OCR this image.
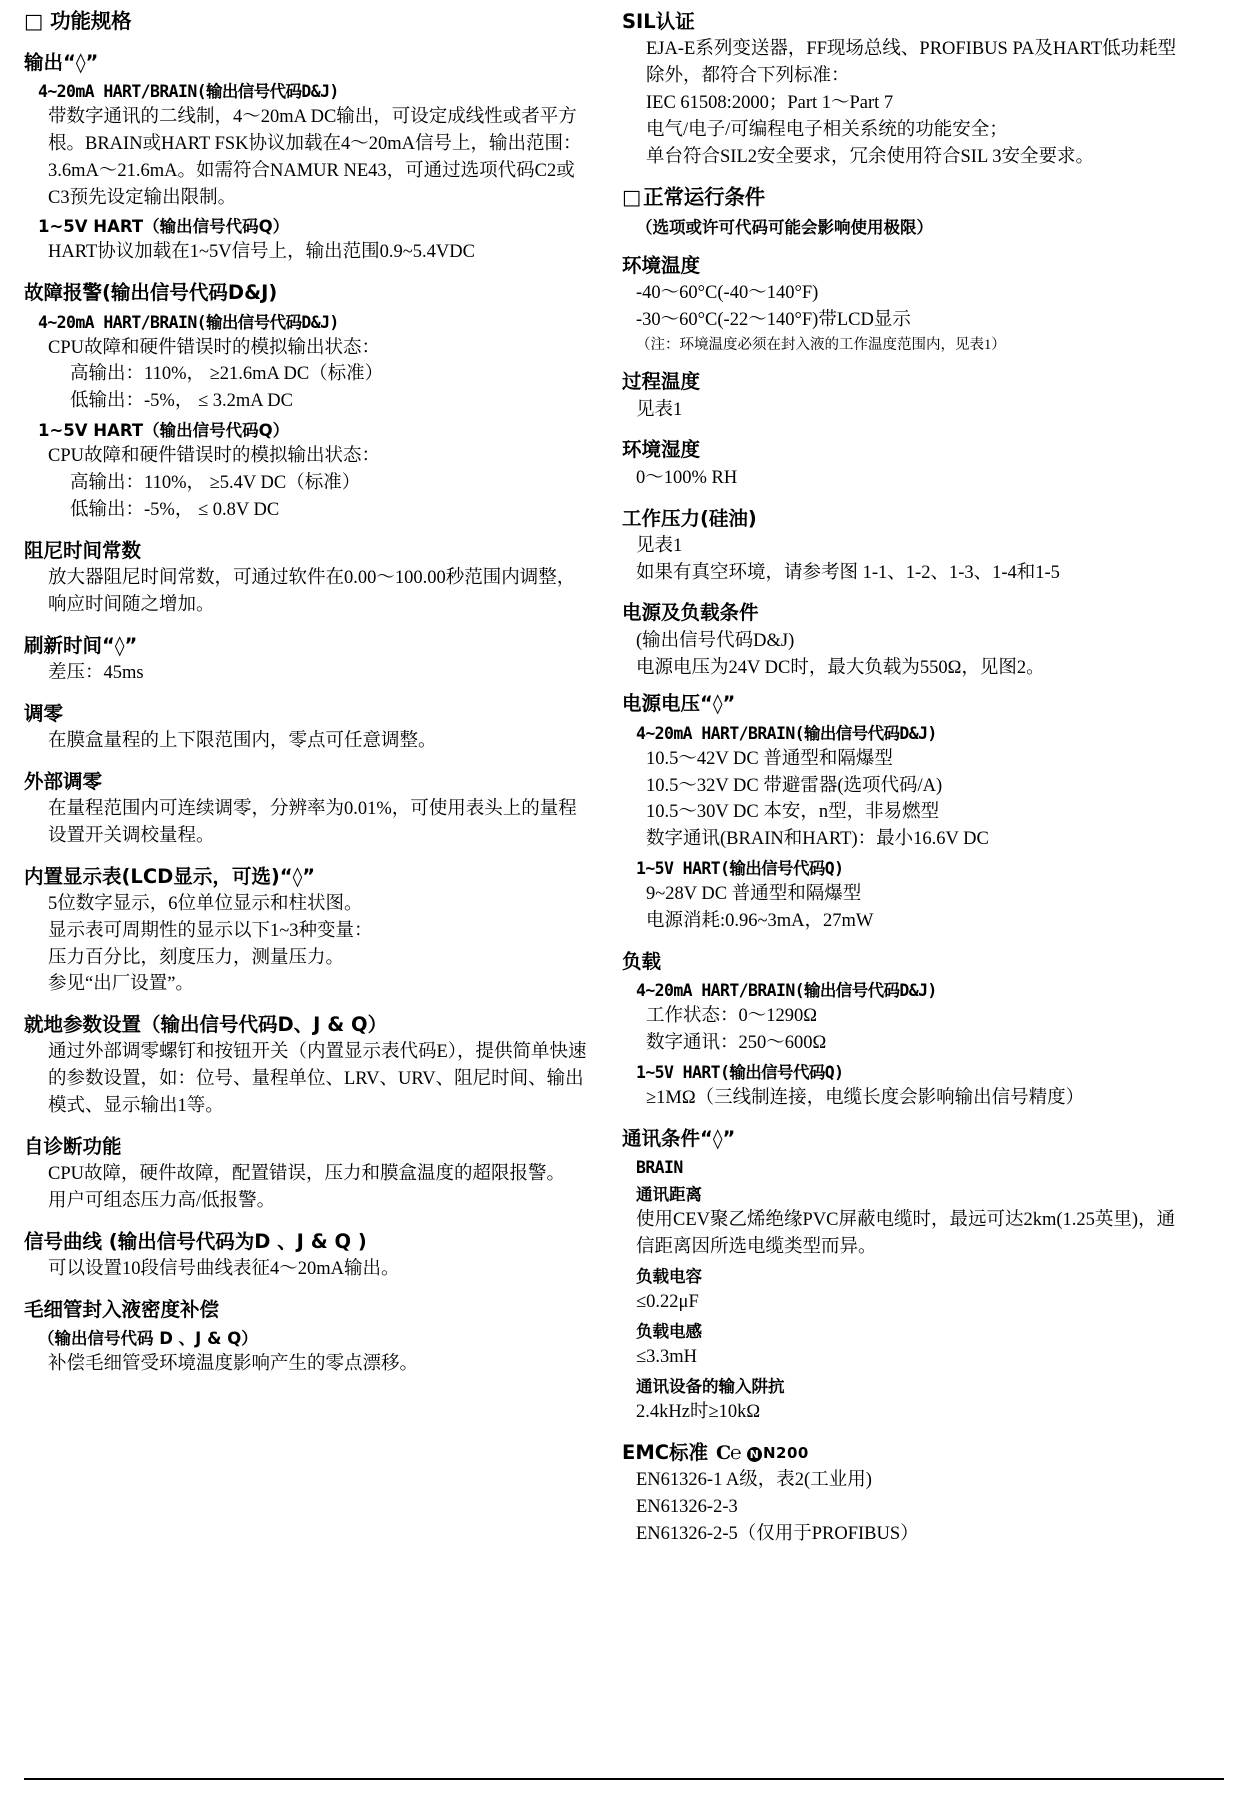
□ 功能规格
输出“◊”
4~20mA HART/BRAIN(输出信号代码D&J)
带数字通讯的二线制，4～20mA DC输出，可设定成线性或者平方根。BRAIN或HART FSK协议加载在4～20mA信号上，输出范围：3.6mA～21.6mA。如需符合NAMUR NE43，可通过选项代码C2或C3预先设定输出限制。
1~5V HART（输出信号代码Q）
HART协议加载在1~5V信号上，输出范围0.9~5.4VDC
故障报警(输出信号代码D&J)
4~20mA HART/BRAIN(输出信号代码D&J)
CPU故障和硬件错误时的模拟输出状态：
高输出：110%， ≥21.6mA DC（标准）
低输出：-5%， ≤ 3.2mA DC
1~5V HART（输出信号代码Q）
CPU故障和硬件错误时的模拟输出状态：
高输出：110%， ≥5.4V DC（标准）
低输出：-5%， ≤ 0.8V DC
阻尼时间常数
放大器阻尼时间常数，可通过软件在0.00～100.00秒范围内调整，响应时间随之增加。
刷新时间“◊”
差压：45ms
调零
在膜盒量程的上下限范围内，零点可任意调整。
外部调零
在量程范围内可连续调零，分辨率为0.01%，可使用表头上的量程设置开关调校量程。
内置显示表(LCD显示，可选)“◊”
5位数字显示，6位单位显示和柱状图。
显示表可周期性的显示以下1~3种变量：
压力百分比，刻度压力，测量压力。
参见“出厂设置”。
就地参数设置（输出信号代码D、J & Q）
通过外部调零螺钉和按钮开关（内置显示表代码E），提供简单快速的参数设置，如：位号、量程单位、LRV、URV、阻尼时间、输出模式、显示输出1等。
自诊断功能
CPU故障，硬件故障，配置错误，压力和膜盒温度的超限报警。
用户可组态压力高/低报警。
信号曲线 (输出信号代码为D 、J & Q )
可以设置10段信号曲线表征4～20mA输出。
毛细管封入液密度补偿
（输出信号代码 D 、J & Q）
补偿毛细管受环境温度影响产生的零点漂移。
SIL认证
EJA-E系列变送器，FF现场总线、PROFIBUS PA及HART低功耗型除外，都符合下列标准：
IEC 61508:2000；Part 1～Part 7
电气/电子/可编程电子相关系统的功能安全；
单台符合SIL2安全要求，冗余使用符合SIL 3安全要求。
□正常运行条件
（选项或许可代码可能会影响使用极限）
环境温度
-40～60°C(-40～140°F)
-30～60°C(-22～140°F)带LCD显示
（注：环境温度必须在封入液的工作温度范围内，见表1）
过程温度
见表1
环境湿度
0～100% RH
工作压力(硅油)
见表1
如果有真空环境，请参考图 1-1、1-2、1-3、1-4和1-5
电源及负载条件
(输出信号代码D&J)
电源电压为24V DC时，最大负载为550Ω，见图2。
电源电压“◊”
4~20mA HART/BRAIN(输出信号代码D&J)
10.5～42V DC 普通型和隔爆型
10.5～32V DC 带避雷器(选项代码/A)
10.5～30V DC 本安，n型，非易燃型
数字通讯(BRAIN和HART)：最小16.6V DC
1~5V HART(输出信号代码Q)
9~28V DC 普通型和隔爆型
电源消耗:0.96~3mA，27mW
负载
4~20mA HART/BRAIN(输出信号代码D&J)
工作状态：0～1290Ω
数字通讯：250～600Ω
1~5V HART(输出信号代码Q)
≥1MΩ（三线制连接，电缆长度会影响输出信号精度）
通讯条件“◊”
BRAIN
通讯距离
使用CEV聚乙烯绝缘PVC屏蔽电缆时，最远可达2km(1.25英里)，通信距离因所选电缆类型而异。
负载电容
≤0.22μF
负载电感
≤3.3mH
通讯设备的输入阱抗
2.4kHz时≥10kΩ
EMC标准 C℮ N N200
EN61326-1 A级，表2(工业用)
EN61326-2-3
EN61326-2-5（仅用于PROFIBUS）
